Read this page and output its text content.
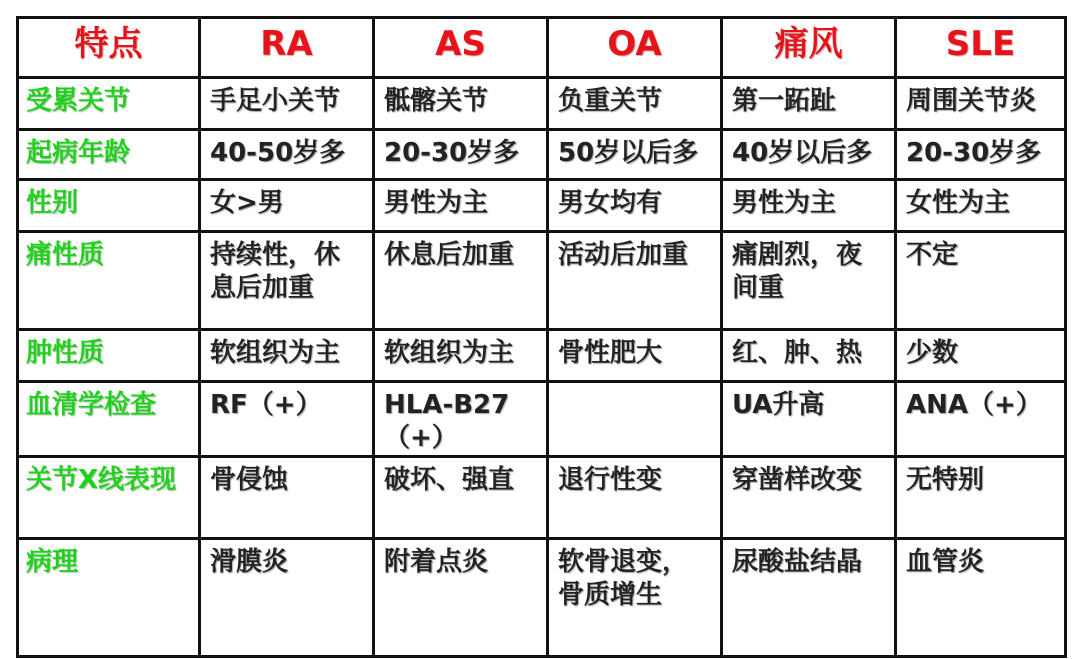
特点	RA	AS	OA	痛风	SLE

受累关节	手足小关节	骶髂关节	负重关节	第一跖趾	周围关节炎

起病年龄	40-50岁多	20-30岁多	50岁以后多	40岁以后多	20-30岁多

性别	女>男	男性为主	男女均有	男性为主	女性为主

痛性质	持续性，休息后加重	休息后加重	活动后加重	痛剧烈，夜间重	不定

肿性质	软组织为主	软组织为主	骨性肥大	红、肿、热	少数

血清学检查	RF（+）	HLA-B27（+）		UA升高	ANA（+）

关节X线表现	骨侵蚀	破坏、强直	退行性变	穿凿样改变	无特别

病理	滑膜炎	附着点炎	软骨退变，骨质增生	尿酸盐结晶	血管炎
